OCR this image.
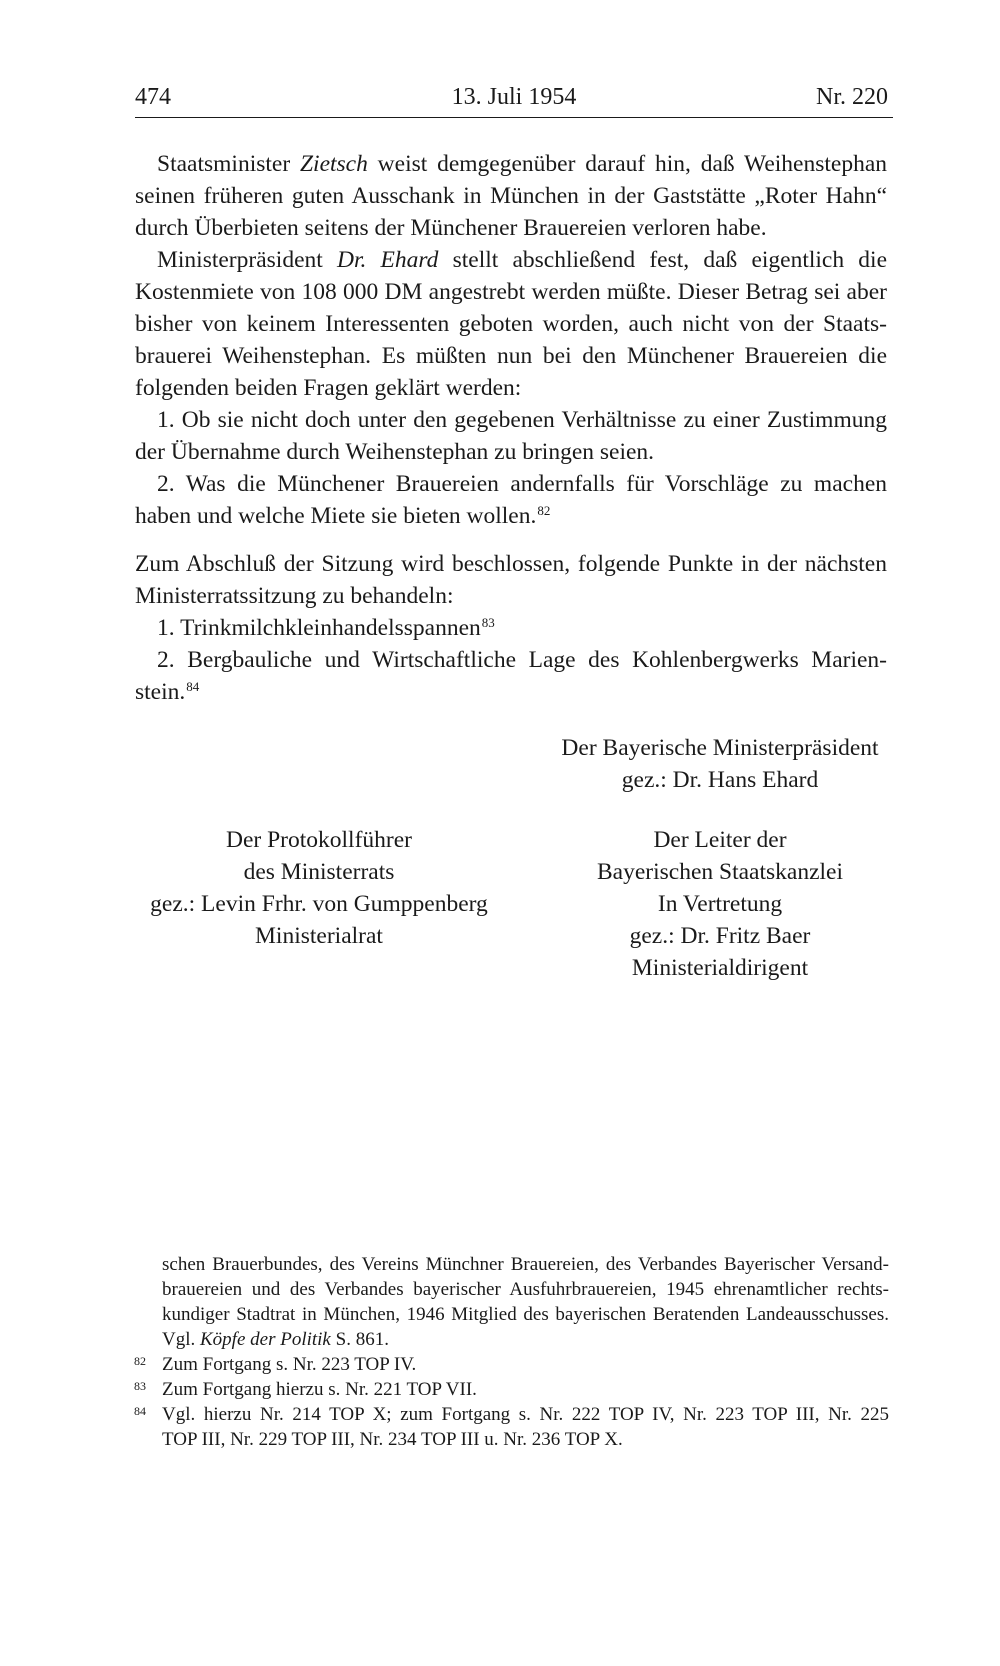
474	13. Juli 1954	Nr. 220
Staatsminister Zietsch weist demgegenüber darauf hin, daß Weihenstephan
seinen früheren guten Ausschank in München in der Gaststätte „Roter Hahn“
durch Überbieten seitens der Münchener Brauereien verloren habe.
Ministerpräsident Dr. Ehard stellt abschließend fest, daß eigentlich die
Kostenmiete von 108 000 DM angestrebt werden müßte. Dieser Betrag sei aber
bisher von keinem Interessenten geboten worden, auch nicht von der Staats-
brauerei Weihenstephan. Es müßten nun bei den Münchener Brauereien die
folgenden beiden Fragen geklärt werden:
1. Ob sie nicht doch unter den gegebenen Verhältnisse zu einer Zustimmung
der Übernahme durch Weihenstephan zu bringen seien.
2. Was die Münchener Brauereien andernfalls für Vorschläge zu machen
haben und welche Miete sie bieten wollen.$^{82}$
Zum Abschluß der Sitzung wird beschlossen, folgende Punkte in der nächsten
Ministerratssitzung zu behandeln:
1. Trinkmilchkleinhandelsspannen$^{83}$
2. Bergbauliche und Wirtschaftliche Lage des Kohlenbergwerks Marien-
stein.$^{84}$
Der Bayerische Ministerpräsident
gez.: Dr. Hans Ehard
Der Protokollführer
des Ministerrats
gez.: Levin Frhr. von Gumppenberg
Ministerialrat
Der Leiter der
Bayerischen Staatskanzlei
In Vertretung
gez.: Dr. Fritz Baer
Ministerialdirigent
schen Brauerbundes, des Vereins Münchner Brauereien, des Verbandes Bayerischer Versand-
brauereien und des Verbandes bayerischer Ausfuhrbrauereien, 1945 ehrenamtlicher rechts-
kundiger Stadtrat in München, 1946 Mitglied des bayerischen Beratenden Landeausschusses.
Vgl. Köpfe der Politik S. 861.
82 Zum Fortgang s. Nr. 223 TOP IV.
83 Zum Fortgang hierzu s. Nr. 221 TOP VII.
84 Vgl. hierzu Nr. 214 TOP X; zum Fortgang s. Nr. 222 TOP IV, Nr. 223 TOP III, Nr. 225
TOP III, Nr. 229 TOP III, Nr. 234 TOP III u. Nr. 236 TOP X.
